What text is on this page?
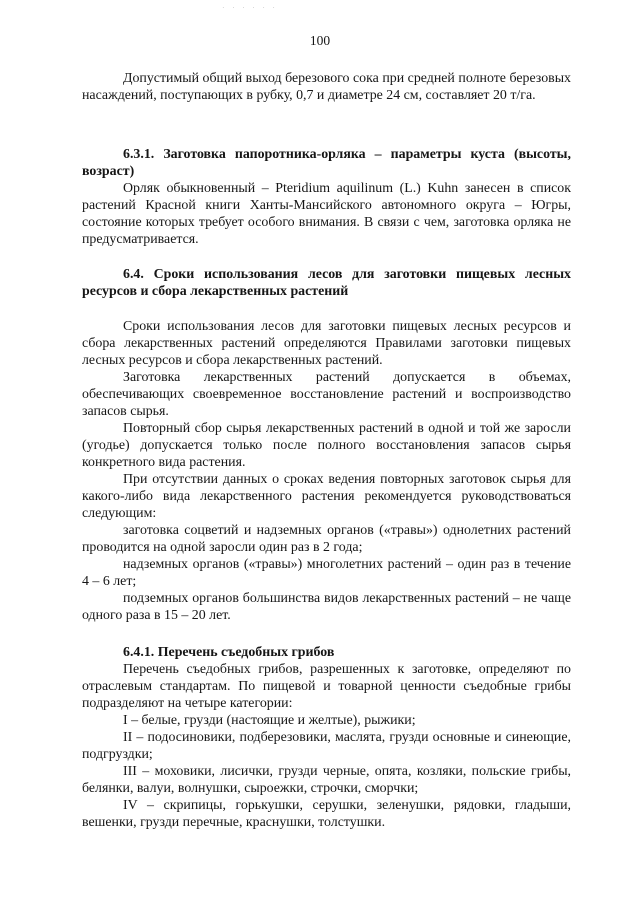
· · · · · ·
100

Допустимый общий выход березового сока при средней полноте березовых насаждений, поступающих в рубку, 0,7 и диаметре 24 см, составляет 20 т/га.

6.3.1. Заготовка папоротника-орляка – параметры куста (высоты, возраст)

Орляк обыкновенный – Pteridium aquilinum (L.) Kuhn занесен в список растений Красной книги Ханты-Мансийского автономного округа – Югры, состояние которых требует особого внимания. В связи с чем, заготовка орляка не предусматривается.

6.4. Сроки использования лесов для заготовки пищевых лесных ресурсов и сбора лекарственных растений

Сроки использования лесов для заготовки пищевых лесных ресурсов и сбора лекарственных растений определяются Правилами заготовки пищевых лесных ресурсов и сбора лекарственных растений.

Заготовка лекарственных растений допускается в объемах, обеспечивающих своевременное восстановление растений и воспроизводство запасов сырья.

Повторный сбор сырья лекарственных растений в одной и той же заросли (угодье) допускается только после полного восстановления запасов сырья конкретного вида растения.

При отсутствии данных о сроках ведения повторных заготовок сырья для какого-либо вида лекарственного растения рекомендуется руководствоваться следующим:

заготовка соцветий и надземных органов («травы») однолетних растений проводится на одной заросли один раз в 2 года;

надземных органов («травы») многолетних растений – один раз в течение 4 – 6 лет;

подземных органов большинства видов лекарственных растений – не чаще одного раза в 15 – 20 лет.

6.4.1. Перечень съедобных грибов

Перечень съедобных грибов, разрешенных к заготовке, определяют по отраслевым стандартам. По пищевой и товарной ценности съедобные грибы подразделяют на четыре категории:

I – белые, грузди (настоящие и желтые), рыжики;

II – подосиновики, подберезовики, маслята, грузди основные и синеющие, подгруздки;

III – моховики, лисички, грузди черные, опята, козляки, польские грибы, белянки, валуи, волнушки, сыроежки, строчки, сморчки;

IV – скрипицы, горькушки, серушки, зеленушки, рядовки, гладыши, вешенки, грузди перечные, краснушки, толстушки.
